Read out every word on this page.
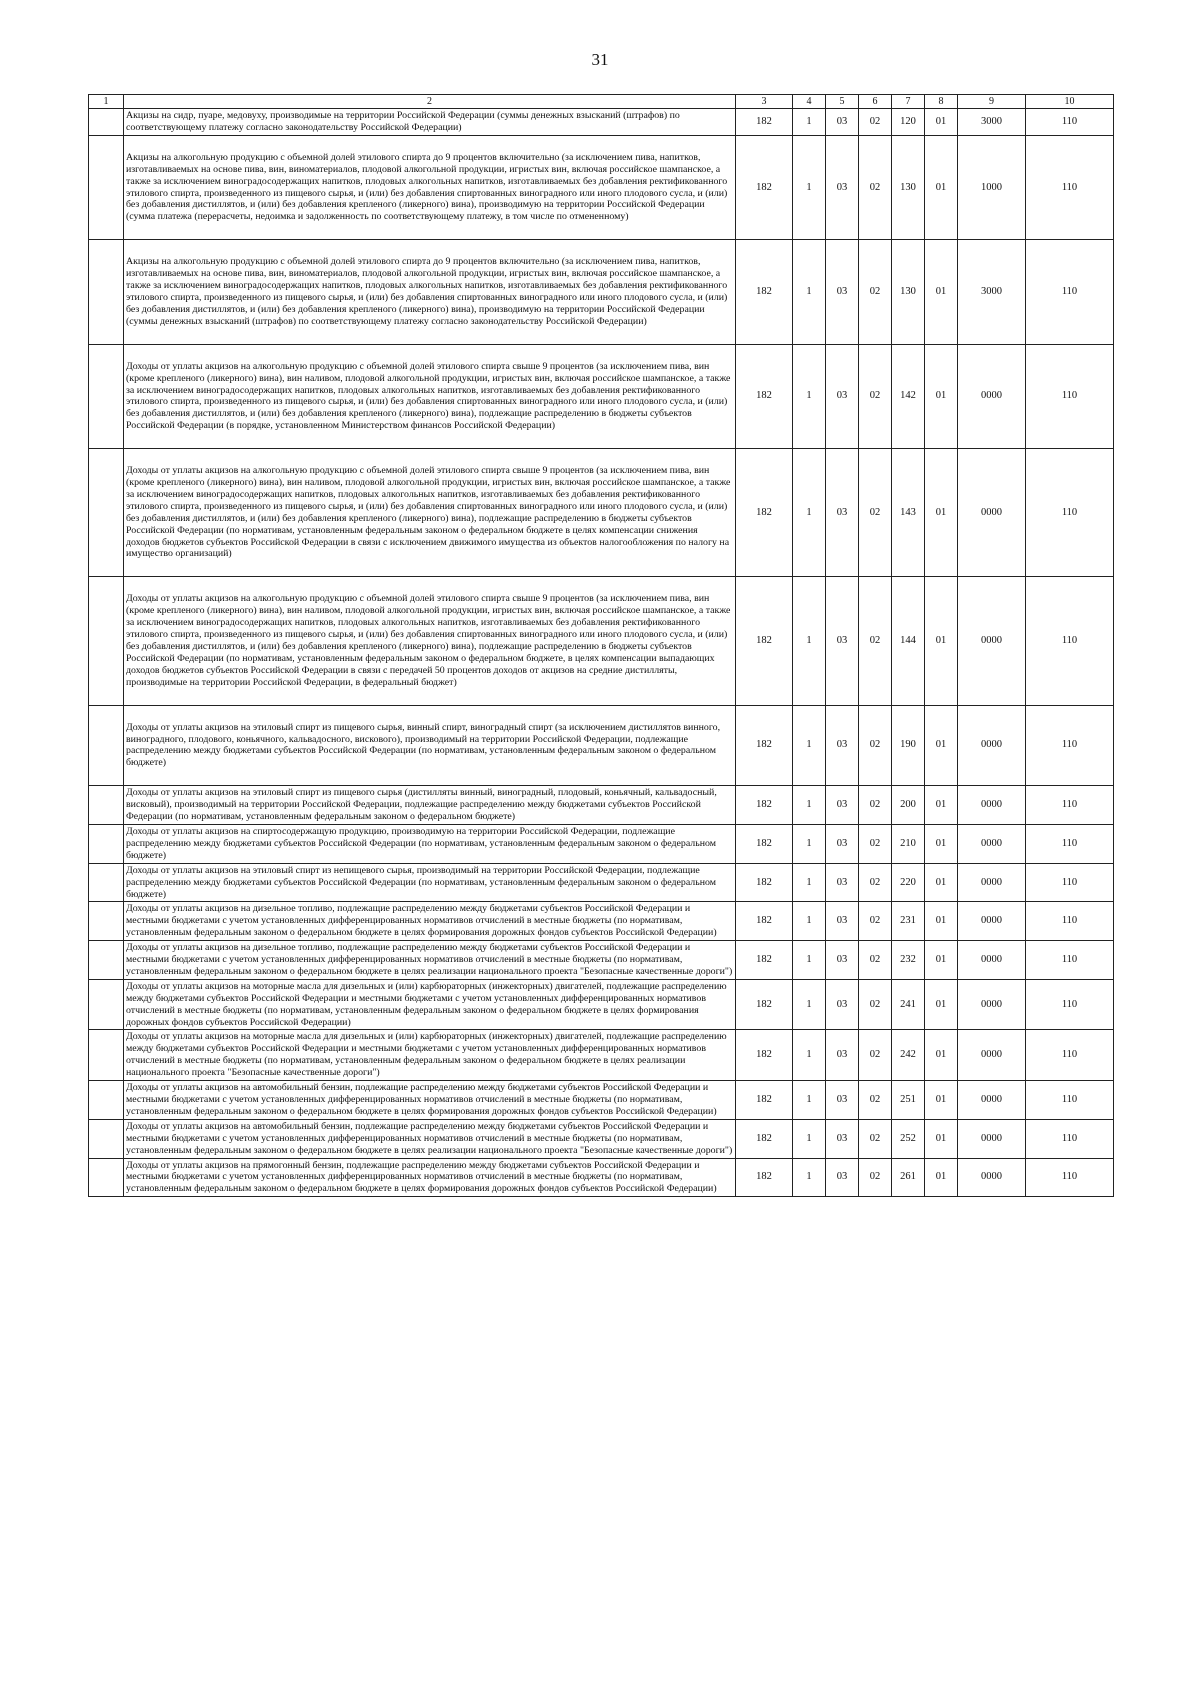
31
1	2	3	4	5	6	7	8	9	10
	Акцизы на сидр, пуаре, медовуху, производимые на территории Российской Федерации (суммы денежных взысканий (штрафов) по соответствующему платежу согласно законодательству Российской Федерации)	182	1	03	02	120	01	3000	110
	Акцизы на алкогольную продукцию с объемной долей этилового спирта до 9 процентов включительно (за исключением пива, напитков, изготавливаемых на основе пива, вин, виноматериалов, плодовой алкогольной продукции, игристых вин, включая российское шампанское, а также за исключением виноградосодержащих напитков, плодовых алкогольных напитков, изготавливаемых без добавления ректификованного этилового спирта, произведенного из пищевого сырья, и (или) без добавления спиртованных виноградного или иного плодового сусла, и (или) без добавления дистиллятов, и (или) без добавления крепленого (ликерного) вина), производимую на территории Российской Федерации (сумма платежа (перерасчеты, недоимка и задолженность по соответствующему платежу, в том числе по отмененному)	182	1	03	02	130	01	1000	110
	Акцизы на алкогольную продукцию с объемной долей этилового спирта до 9 процентов включительно (за исключением пива, напитков, изготавливаемых на основе пива, вин, виноматериалов, плодовой алкогольной продукции, игристых вин, включая российское шампанское, а также за исключением виноградосодержащих напитков, плодовых алкогольных напитков, изготавливаемых без добавления ректификованного этилового спирта, произведенного из пищевого сырья, и (или) без добавления спиртованных виноградного или иного плодового сусла, и (или) без добавления дистиллятов, и (или) без добавления крепленого (ликерного) вина), производимую на территории Российской Федерации (суммы денежных взысканий (штрафов) по соответствующему платежу согласно законодательству Российской Федерации)	182	1	03	02	130	01	3000	110
	Доходы от уплаты акцизов на алкогольную продукцию с объемной долей этилового спирта свыше 9 процентов (за исключением пива, вин (кроме крепленого (ликерного) вина), вин наливом, плодовой алкогольной продукции, игристых вин, включая российское шампанское, а также за исключением виноградосодержащих напитков, плодовых алкогольных напитков, изготавливаемых без добавления ректификованного этилового спирта, произведенного из пищевого сырья, и (или) без добавления спиртованных виноградного или иного плодового сусла, и (или) без добавления дистиллятов, и (или) без добавления крепленого (ликерного) вина), подлежащие распределению в бюджеты субъектов Российской Федерации (в порядке, установленном Министерством финансов Российской Федерации)	182	1	03	02	142	01	0000	110
	Доходы от уплаты акцизов на алкогольную продукцию с объемной долей этилового спирта свыше 9 процентов (за исключением пива, вин (кроме крепленого (ликерного) вина), вин наливом, плодовой алкогольной продукции, игристых вин, включая российское шампанское, а также за исключением виноградосодержащих напитков, плодовых алкогольных напитков, изготавливаемых без добавления ректификованного этилового спирта, произведенного из пищевого сырья, и (или) без добавления спиртованных виноградного или иного плодового сусла, и (или) без добавления дистиллятов, и (или) без добавления крепленого (ликерного) вина), подлежащие распределению в бюджеты субъектов Российской Федерации (по нормативам, установленным федеральным законом о федеральном бюджете в целях компенсации снижения доходов бюджетов субъектов Российской Федерации в связи с исключением движимого имущества из объектов налогообложения по налогу на имущество организаций)	182	1	03	02	143	01	0000	110
	Доходы от уплаты акцизов на алкогольную продукцию с объемной долей этилового спирта свыше 9 процентов (за исключением пива, вин (кроме крепленого (ликерного) вина), вин наливом, плодовой алкогольной продукции, игристых вин, включая российское шампанское, а также за исключением виноградосодержащих напитков, плодовых алкогольных напитков, изготавливаемых без добавления ректификованного этилового спирта, произведенного из пищевого сырья, и (или) без добавления спиртованных виноградного или иного плодового сусла, и (или) без добавления дистиллятов, и (или) без добавления крепленого (ликерного) вина), подлежащие распределению в бюджеты субъектов Российской Федерации (по нормативам, установленным федеральным законом о федеральном бюджете, в целях компенсации выпадающих доходов бюджетов субъектов Российской Федерации в связи с передачей 50 процентов доходов от акцизов на средние дистилляты, производимые на территории Российской Федерации, в федеральный бюджет)	182	1	03	02	144	01	0000	110
	Доходы от уплаты акцизов на этиловый спирт из пищевого сырья, винный спирт, виноградный спирт (за исключением дистиллятов винного, виноградного, плодового, коньячного, кальвадосного, вискового), производимый на территории Российской Федерации, подлежащие распределению между бюджетами субъектов Российской Федерации (по нормативам, установленным федеральным законом о федеральном бюджете)	182	1	03	02	190	01	0000	110
	Доходы от уплаты акцизов на этиловый спирт из пищевого сырья (дистилляты винный, виноградный, плодовый, коньячный, кальвадосный, висковый), производимый на территории Российской Федерации, подлежащие распределению между бюджетами субъектов Российской Федерации (по нормативам, установленным федеральным законом о федеральном бюджете)	182	1	03	02	200	01	0000	110
	Доходы от уплаты акцизов на спиртосодержащую продукцию, производимую на территории Российской Федерации, подлежащие распределению между бюджетами субъектов Российской Федерации (по нормативам, установленным федеральным законом о федеральном бюджете)	182	1	03	02	210	01	0000	110
	Доходы от уплаты акцизов на этиловый спирт из непищевого сырья, производимый на территории Российской Федерации, подлежащие распределению между бюджетами субъектов Российской Федерации (по нормативам, установленным федеральным законом о федеральном бюджете)	182	1	03	02	220	01	0000	110
	Доходы от уплаты акцизов на дизельное топливо, подлежащие распределению между бюджетами субъектов Российской Федерации и местными бюджетами с учетом установленных дифференцированных нормативов отчислений в местные бюджеты (по нормативам, установленным федеральным законом о федеральном бюджете в целях формирования дорожных фондов субъектов Российской Федерации)	182	1	03	02	231	01	0000	110
	Доходы от уплаты акцизов на дизельное топливо, подлежащие распределению между бюджетами субъектов Российской Федерации и местными бюджетами с учетом установленных дифференцированных нормативов отчислений в местные бюджеты (по нормативам, установленным федеральным законом о федеральном бюджете в целях реализации национального проекта "Безопасные качественные дороги")	182	1	03	02	232	01	0000	110
	Доходы от уплаты акцизов на моторные масла для дизельных и (или) карбюраторных (инжекторных) двигателей, подлежащие распределению между бюджетами субъектов Российской Федерации и местными бюджетами с учетом установленных дифференцированных нормативов отчислений в местные бюджеты (по нормативам, установленным федеральным законом о федеральном бюджете в целях формирования дорожных фондов субъектов Российской Федерации)	182	1	03	02	241	01	0000	110
	Доходы от уплаты акцизов на моторные масла для дизельных и (или) карбюраторных (инжекторных) двигателей, подлежащие распределению между бюджетами субъектов Российской Федерации и местными бюджетами с учетом установленных дифференцированных нормативов отчислений в местные бюджеты (по нормативам, установленным федеральным законом о федеральном бюджете в целях реализации национального проекта "Безопасные качественные дороги")	182	1	03	02	242	01	0000	110
	Доходы от уплаты акцизов на автомобильный бензин, подлежащие распределению между бюджетами субъектов Российской Федерации и местными бюджетами с учетом установленных дифференцированных нормативов отчислений в местные бюджеты (по нормативам, установленным федеральным законом о федеральном бюджете в целях формирования дорожных фондов субъектов Российской Федерации)	182	1	03	02	251	01	0000	110
	Доходы от уплаты акцизов на автомобильный бензин, подлежащие распределению между бюджетами субъектов Российской Федерации и местными бюджетами с учетом установленных дифференцированных нормативов отчислений в местные бюджеты (по нормативам, установленным федеральным законом о федеральном бюджете в целях реализации национального проекта "Безопасные качественные дороги")	182	1	03	02	252	01	0000	110
	Доходы от уплаты акцизов на прямогонный бензин, подлежащие распределению между бюджетами субъектов Российской Федерации и местными бюджетами с учетом установленных дифференцированных нормативов отчислений в местные бюджеты (по нормативам, установленным федеральным законом о федеральном бюджете в целях формирования дорожных фондов субъектов Российской Федерации)	182	1	03	02	261	01	0000	110
